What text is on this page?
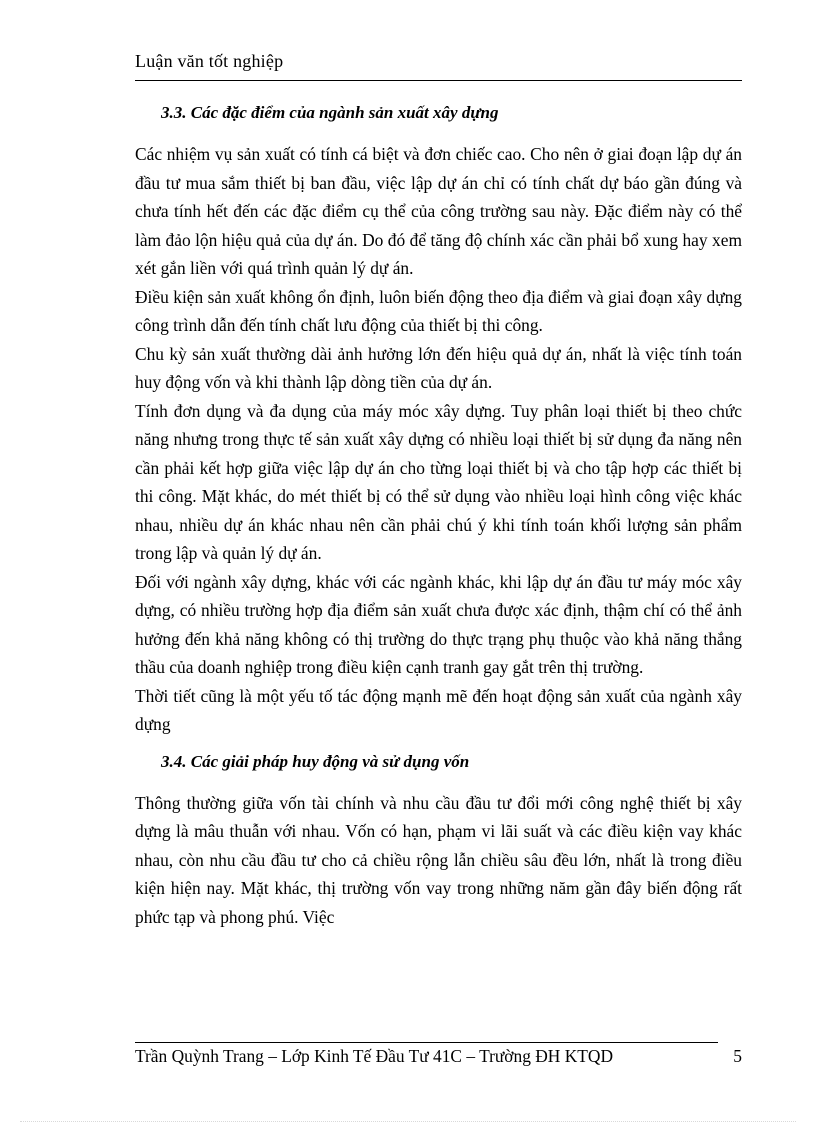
Luận văn tốt nghiệp
3.3. Các đặc điểm của ngành sản xuất xây dựng

Các nhiệm vụ sản xuất có tính cá biệt và đơn chiếc cao. Cho nên ở giai đoạn lập dự án đầu tư mua sắm thiết bị ban đầu, việc lập dự án chỉ có tính chất dự báo gần đúng và chưa tính hết đến các đặc điểm cụ thể của công trường sau này. Đặc điểm này có thể làm đảo lộn hiệu quả của dự án. Do đó để tăng độ chính xác cần phải bổ xung hay xem xét gắn liền với quá trình quản lý dự án.

Điều kiện sản xuất không ổn định, luôn biến động theo địa điểm và giai đoạn xây dựng công trình dẫn đến tính chất lưu động của thiết bị thi công.

Chu kỳ sản xuất thường dài ảnh hưởng lớn đến hiệu quả dự án, nhất là việc tính toán huy động vốn và khi thành lập dòng tiền của dự án.

Tính đơn dụng và đa dụng của máy móc xây dựng. Tuy phân loại thiết bị theo chức năng nhưng trong thực tế sản xuất xây dựng có nhiều loại thiết bị sử dụng đa năng nên cần phải kết hợp giữa việc lập dự án cho từng loại thiết bị và cho tập hợp các thiết bị thi công. Mặt khác, do mét thiết bị có thể sử dụng vào nhiều loại hình công việc khác nhau, nhiều dự án khác nhau nên cần phải chú ý khi tính toán khối lượng sản phẩm trong lập và quản lý dự án.

Đối với ngành xây dựng, khác với các ngành khác, khi lập dự án đầu tư máy móc xây dựng, có nhiều trường hợp địa điểm sản xuất chưa được xác định, thậm chí có thể ảnh hưởng đến khả năng không có thị trường do thực trạng phụ thuộc vào khả năng thắng thầu của doanh nghiệp trong điều kiện cạnh tranh gay gắt trên thị trường.

Thời tiết cũng là một yếu tố tác động mạnh mẽ đến hoạt động sản xuất của ngành xây dựng

3.4. Các giải pháp huy động và sử dụng vốn

Thông thường giữa vốn tài chính và nhu cầu đầu tư đổi mới công nghệ thiết bị xây dựng là mâu thuẫn với nhau. Vốn có hạn, phạm vi lãi suất và các điều kiện vay khác nhau, còn nhu cầu đầu tư cho cả chiều rộng lẫn chiều sâu đều lớn, nhất là trong điều kiện hiện nay. Mặt khác, thị trường vốn vay trong những năm gần đây biến động rất phức tạp và phong phú. Việc

Trần Quỳnh Trang – Lớp Kinh Tế Đầu Tư 41C – Trường ĐH KTQD	5
